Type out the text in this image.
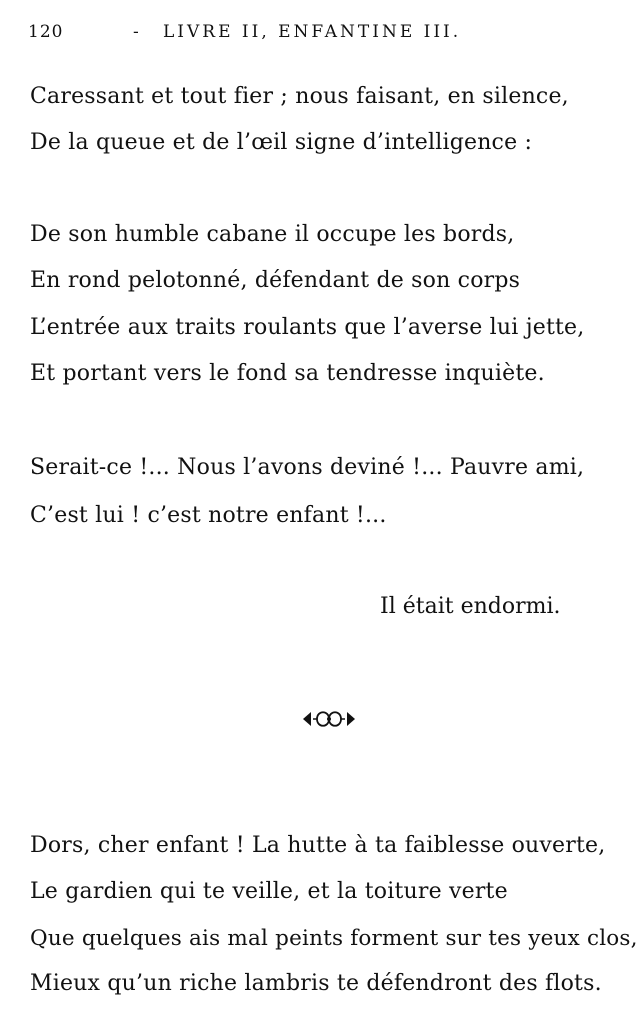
120	- LIVRE II, ENFANTINE III.
Caressant et tout fier ; nous faisant, en silence,
De la queue et de l’œil signe d’intelligence :
De son humble cabane il occupe les bords,
En rond pelotonné, défendant de son corps
L’entrée aux traits roulants que l’averse lui jette,
Et portant vers le fond sa tendresse inquiète.
Serait-ce !... Nous l’avons deviné !... Pauvre ami,
C’est lui ! c’est notre enfant !...
Il était endormi.
Dors, cher enfant ! La hutte à ta faiblesse ouverte,
Le gardien qui te veille, et la toiture verte
Que quelques ais mal peints forment sur tes yeux clos,
Mieux qu’un riche lambris te défendront des flots.
